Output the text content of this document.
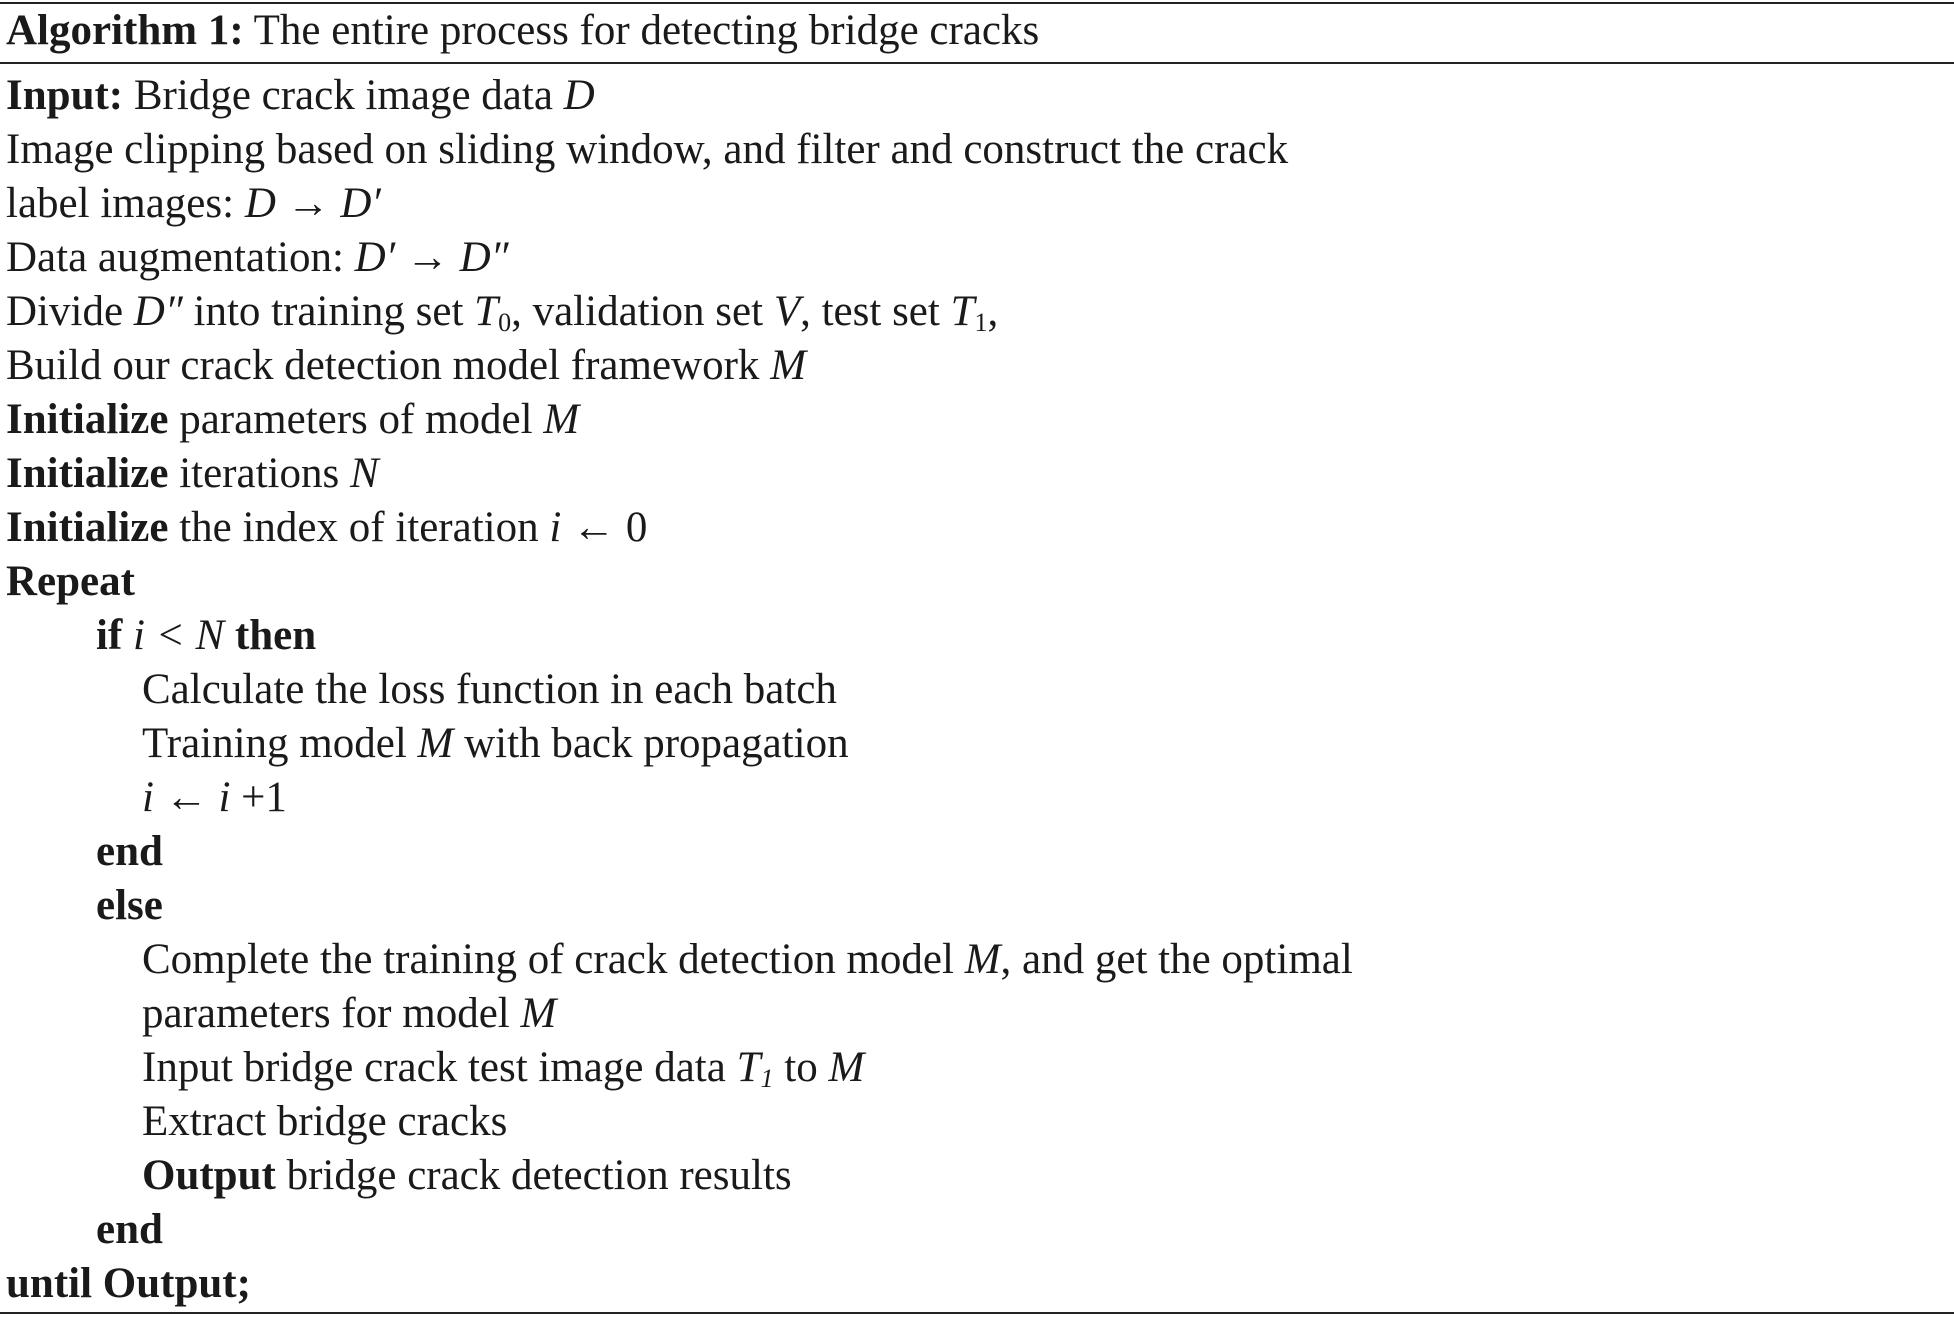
Algorithm 1: The entire process for detecting bridge cracks
Input: Bridge crack image data D
Image clipping based on sliding window, and filter and construct the crack
label images: D → D′
Data augmentation: D′ → D″
Divide D″ into training set $T_0$, validation set V, test set $T_1$,
Build our crack detection model framework M
Initialize parameters of model M
Initialize iterations N
Initialize the index of iteration i ← 0
Repeat
if i < N then
Calculate the loss function in each batch
Training model M with back propagation
i ← i +1
end
else
Complete the training of crack detection model M, and get the optimal
parameters for model M
Input bridge crack test image data $T_1$ to M
Extract bridge cracks
Output bridge crack detection results
end
until Output;
